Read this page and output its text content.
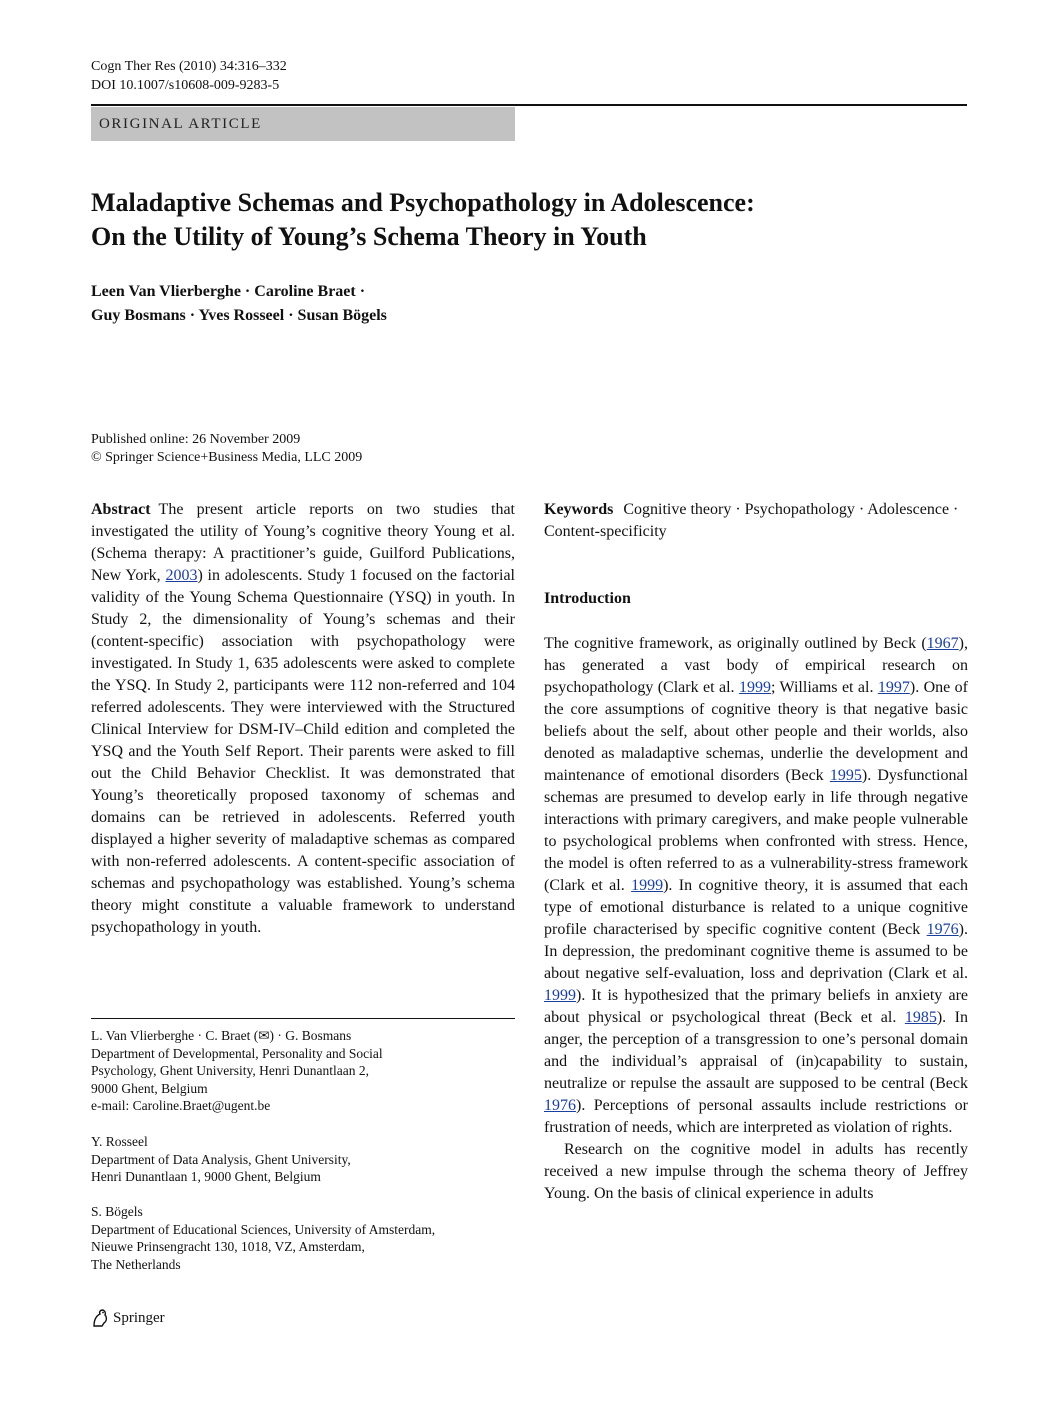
Cogn Ther Res (2010) 34:316–332
DOI 10.1007/s10608-009-9283-5
ORIGINAL ARTICLE
Maladaptive Schemas and Psychopathology in Adolescence:
On the Utility of Young’s Schema Theory in Youth
Leen Van Vlierberghe · Caroline Braet ·
Guy Bosmans · Yves Rosseel · Susan Bögels
Published online: 26 November 2009
© Springer Science+Business Media, LLC 2009

Abstract The present article reports on two studies that investigated the utility of Young’s cognitive theory Young et al. (Schema therapy: A practitioner’s guide, Guilford Publications, New York, 2003) in adolescents. Study 1 focused on the factorial validity of the Young Schema Questionnaire (YSQ) in youth. In Study 2, the dimensionality of Young’s schemas and their (content-specific) association with psychopathology were investigated. In Study 1, 635 adolescents were asked to complete the YSQ. In Study 2, participants were 112 non-referred and 104 referred adolescents. They were interviewed with the Structured Clinical Interview for DSM-IV–Child edition and completed the YSQ and the Youth Self Report. Their parents were asked to fill out the Child Behavior Checklist. It was demonstrated that Young’s theoretically proposed taxonomy of schemas and domains can be retrieved in adolescents. Referred youth displayed a higher severity of maladaptive schemas as compared with non-referred adolescents. A content-specific association of schemas and psychopathology was established. Young’s schema theory might constitute a valuable framework to understand psychopathology in youth.

L. Van Vlierberghe · C. Braet (✉) · G. Bosmans
Department of Developmental, Personality and Social
Psychology, Ghent University, Henri Dunantlaan 2,
9000 Ghent, Belgium
e-mail: Caroline.Braet@ugent.be
Y. Rosseel
Department of Data Analysis, Ghent University,
Henri Dunantlaan 1, 9000 Ghent, Belgium
S. Bögels
Department of Educational Sciences, University of Amsterdam,
Nieuwe Prinsengracht 130, 1018, VZ, Amsterdam,
The Netherlands

Keywords Cognitive theory · Psychopathology · Adolescence · Content-specificity

Introduction

The cognitive framework, as originally outlined by Beck (1967), has generated a vast body of empirical research on psychopathology (Clark et al. 1999; Williams et al. 1997). One of the core assumptions of cognitive theory is that negative basic beliefs about the self, about other people and their worlds, also denoted as maladaptive schemas, underlie the development and maintenance of emotional disorders (Beck 1995). Dysfunctional schemas are presumed to develop early in life through negative interactions with primary caregivers, and make people vulnerable to psychological problems when confronted with stress. Hence, the model is often referred to as a vulnerability-stress framework (Clark et al. 1999). In cognitive theory, it is assumed that each type of emotional disturbance is related to a unique cognitive profile characterised by specific cognitive content (Beck 1976). In depression, the predominant cognitive theme is assumed to be about negative self-evaluation, loss and deprivation (Clark et al. 1999). It is hypothesized that the primary beliefs in anxiety are about physical or psychological threat (Beck et al. 1985). In anger, the perception of a transgression to one’s personal domain and the individual’s appraisal of (in)capability to sustain, neutralize or repulse the assault are supposed to be central (Beck 1976). Perceptions of personal assaults include restrictions or frustration of needs, which are interpreted as violation of rights.

Research on the cognitive model in adults has recently received a new impulse through the schema theory of Jeffrey Young. On the basis of clinical experience in adults

Springer
